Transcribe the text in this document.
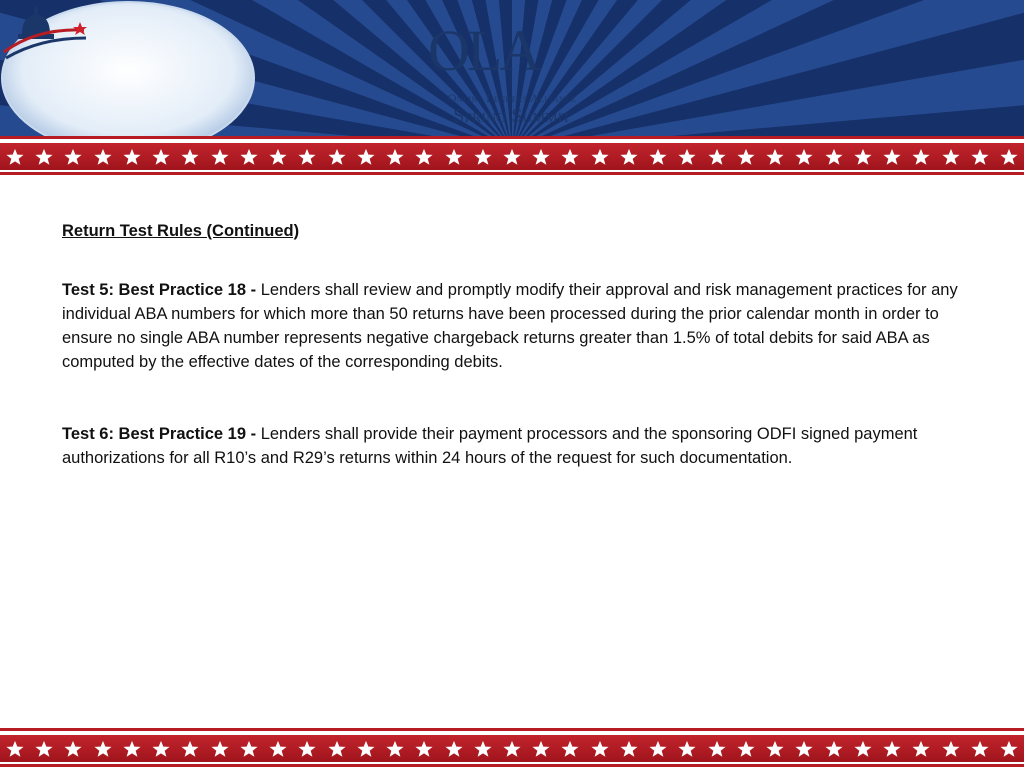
OLA
Online Lenders Alliance
Spring Summit

Return Test Rules (Continued)

Test 5: Best Practice 18 - Lenders shall review and promptly modify their approval and risk management practices for any individual ABA numbers for which more than 50 returns have been processed during the prior calendar month in order to ensure no single ABA number represents negative chargeback returns greater than 1.5% of total debits for said ABA as computed by the effective dates of the corresponding debits.

Test 6: Best Practice 19 - Lenders shall provide their payment processors and the sponsoring ODFI signed payment authorizations for all R10’s and R29’s returns within 24 hours of the request for such documentation.
